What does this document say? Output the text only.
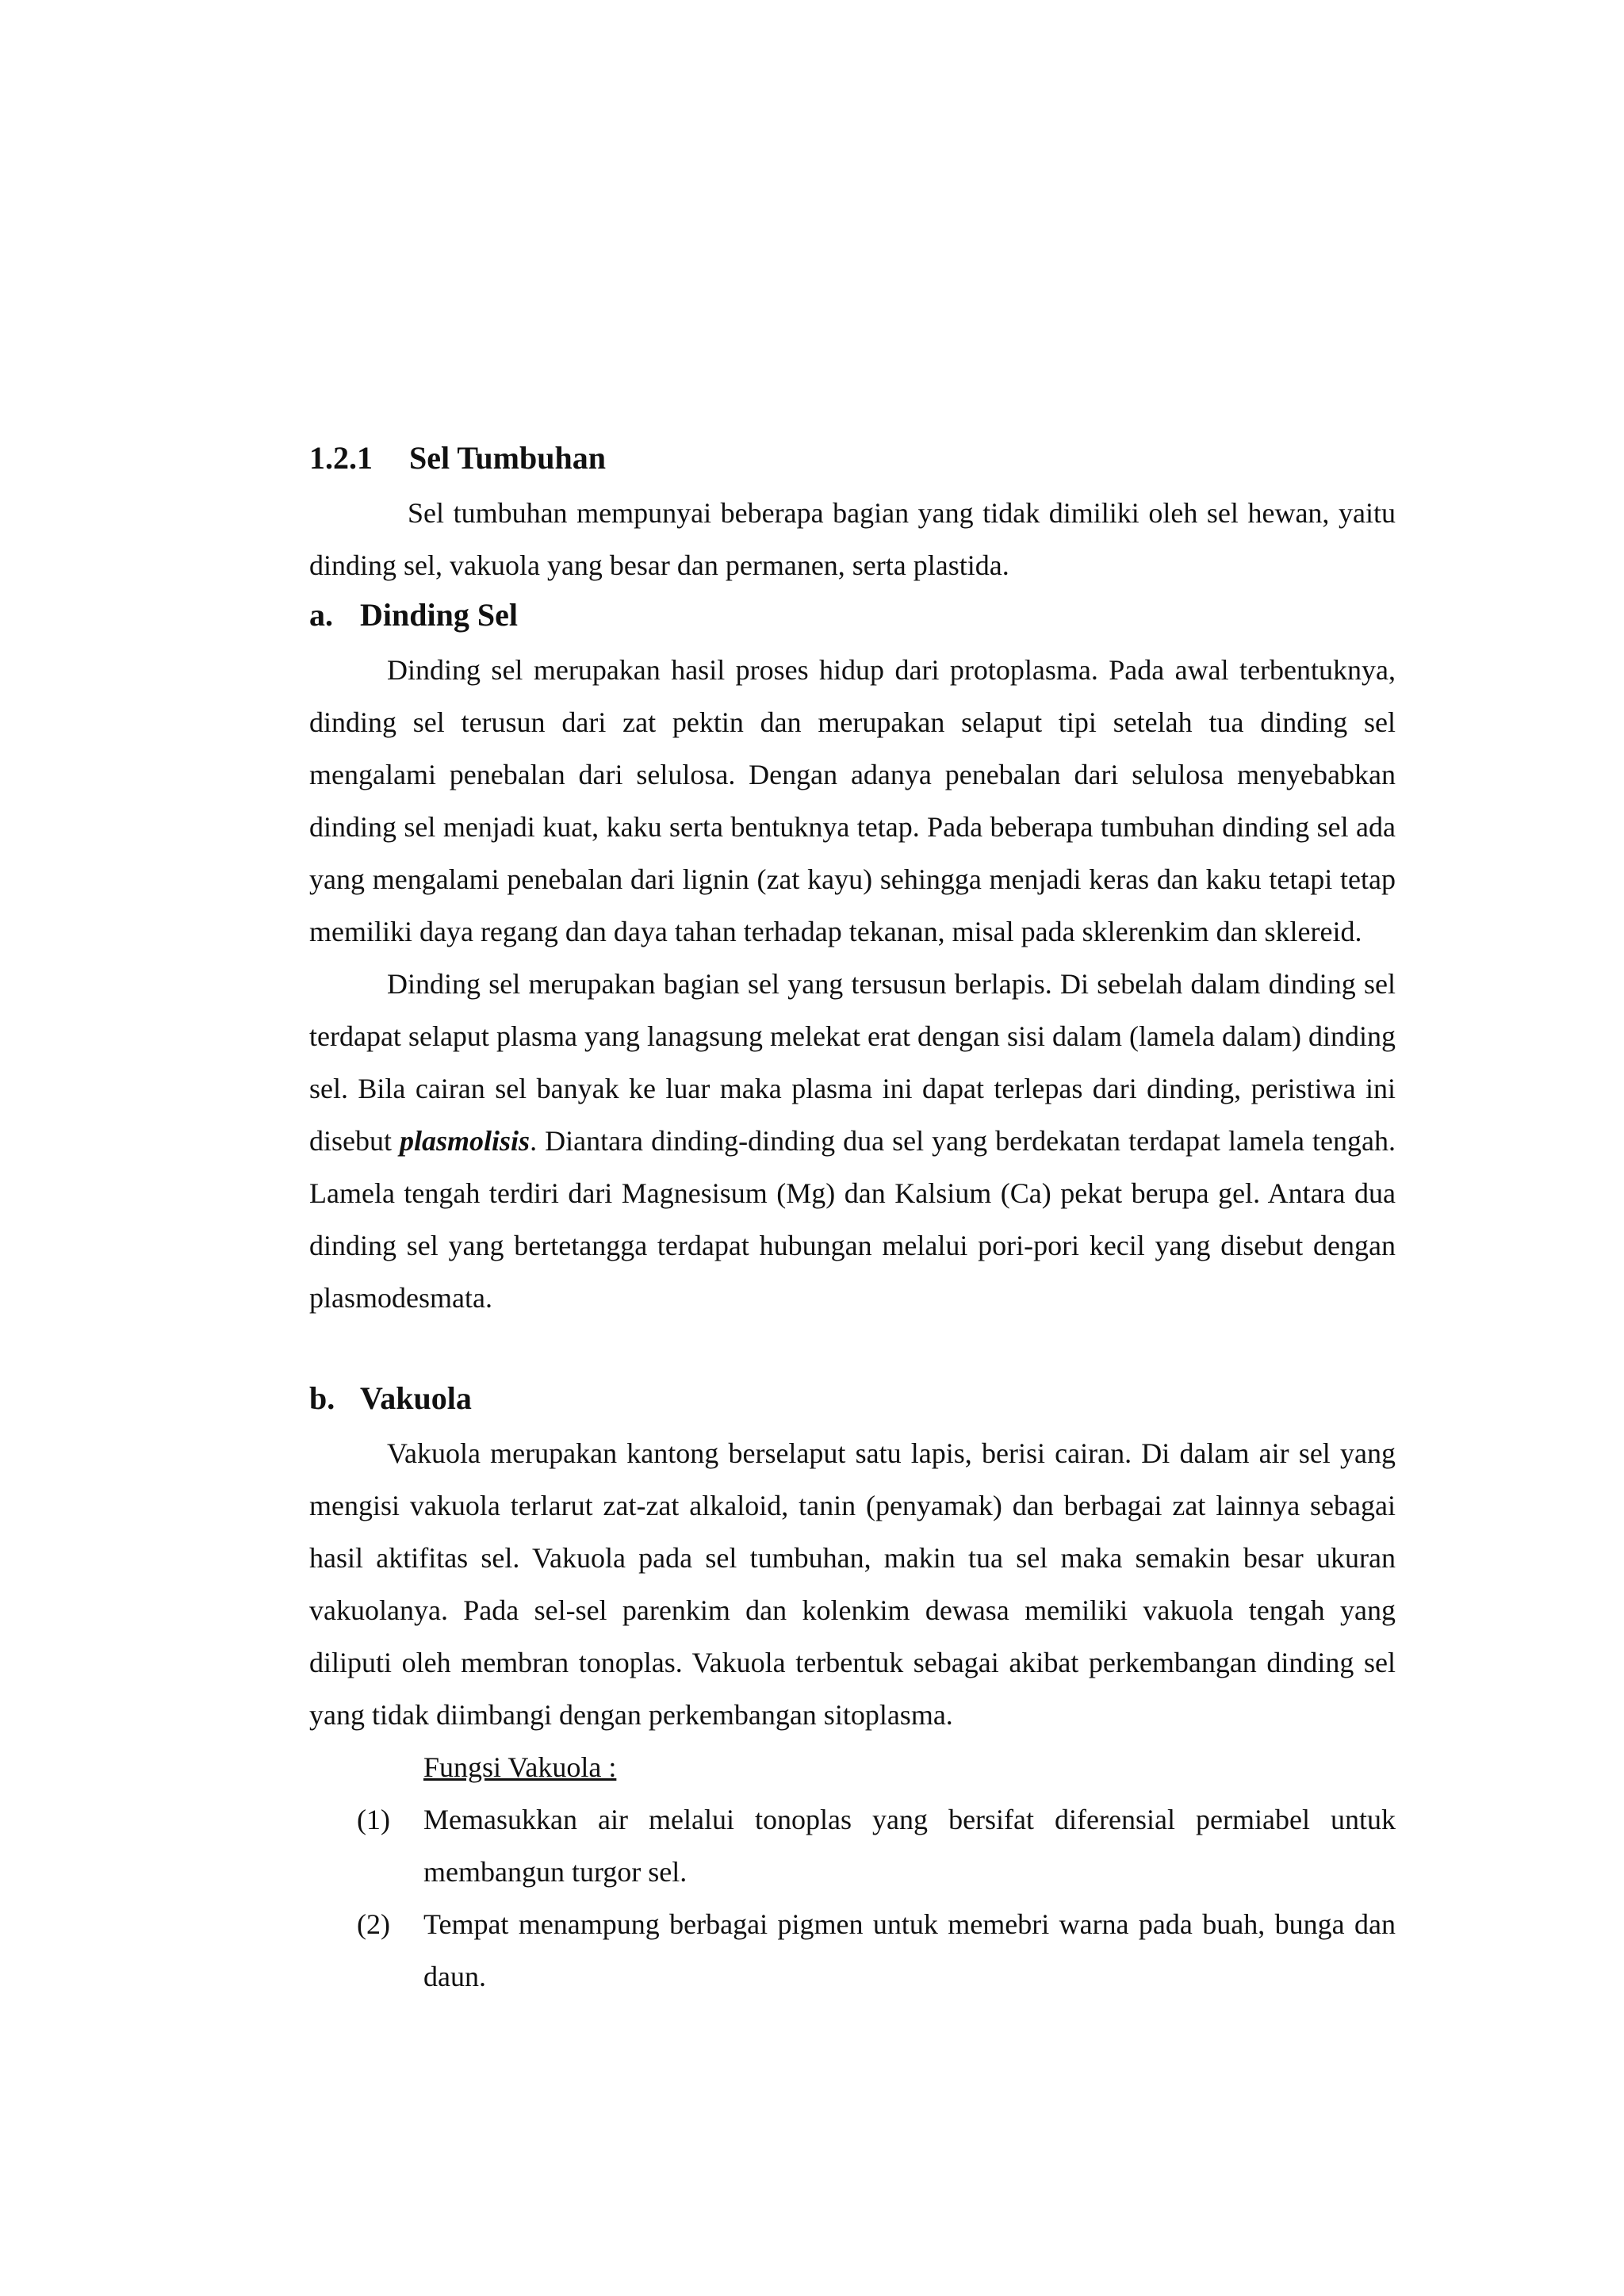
1.2.1	Sel Tumbuhan

Sel tumbuhan mempunyai beberapa bagian yang tidak dimiliki oleh sel hewan, yaitu dinding sel, vakuola yang besar dan permanen, serta plastida.

a. Dinding Sel

Dinding sel merupakan hasil proses hidup dari protoplasma. Pada awal terbentuknya, dinding sel terusun dari zat pektin dan merupakan selaput tipi setelah tua dinding sel mengalami penebalan dari selulosa. Dengan adanya penebalan dari selulosa menyebabkan dinding sel menjadi kuat, kaku serta bentuknya tetap. Pada beberapa tumbuhan dinding sel ada yang mengalami penebalan dari lignin (zat kayu) sehingga menjadi keras dan kaku tetapi tetap memiliki daya regang dan daya tahan terhadap tekanan, misal pada sklerenkim dan sklereid.

Dinding sel merupakan bagian sel yang tersusun berlapis. Di sebelah dalam dinding sel terdapat selaput plasma yang lanagsung melekat erat dengan sisi dalam (lamela dalam) dinding sel. Bila cairan sel banyak ke luar maka plasma ini dapat terlepas dari dinding, peristiwa ini disebut plasmolisis. Diantara dinding-dinding dua sel yang berdekatan terdapat lamela tengah. Lamela tengah terdiri dari Magnesisum (Mg) dan Kalsium (Ca) pekat berupa gel. Antara dua dinding sel yang bertetangga terdapat hubungan melalui pori-pori kecil yang disebut dengan plasmodesmata.

b. Vakuola

Vakuola merupakan kantong berselaput satu lapis, berisi cairan. Di dalam air sel yang mengisi vakuola terlarut zat-zat alkaloid, tanin (penyamak) dan berbagai zat lainnya sebagai hasil aktifitas sel. Vakuola pada sel tumbuhan, makin tua sel maka semakin besar ukuran vakuolanya. Pada sel-sel parenkim dan kolenkim dewasa memiliki vakuola tengah yang diliputi oleh membran tonoplas. Vakuola terbentuk sebagai akibat perkembangan dinding sel yang tidak diimbangi dengan perkembangan sitoplasma.

Fungsi Vakuola :
(1)	Memasukkan air melalui tonoplas yang bersifat diferensial permiabel untuk membangun turgor sel.
(2)	Tempat menampung berbagai pigmen untuk memebri warna pada buah, bunga dan daun.
